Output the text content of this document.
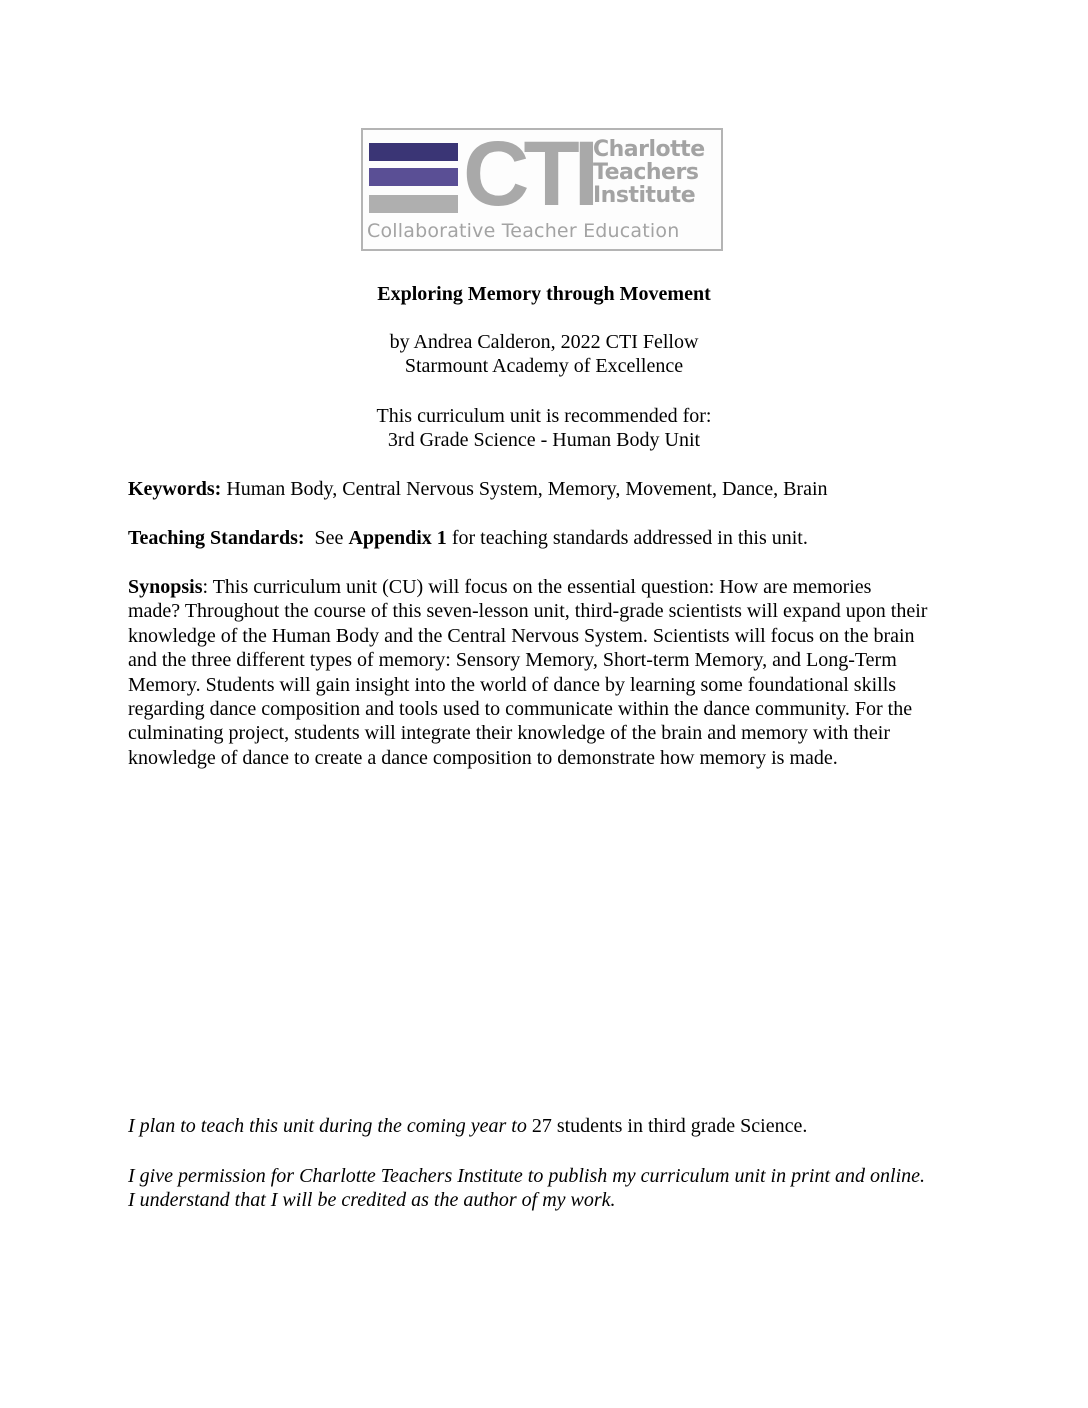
CTI Charlotte
Teachers
Institute
Collaborative Teacher Education
Exploring Memory through Movement
by Andrea Calderon, 2022 CTI Fellow
Starmount Academy of Excellence
This curriculum unit is recommended for:
3rd Grade Science - Human Body Unit
Keywords: Human Body, Central Nervous System, Memory, Movement, Dance, Brain
Teaching Standards:  See Appendix 1 for teaching standards addressed in this unit.
Synopsis: This curriculum unit (CU) will focus on the essential question: How are memories made? Throughout the course of this seven-lesson unit, third-grade scientists will expand upon their knowledge of the Human Body and the Central Nervous System. Scientists will focus on the brain and the three different types of memory: Sensory Memory, Short-term Memory, and Long-Term Memory. Students will gain insight into the world of dance by learning some foundational skills regarding dance composition and tools used to communicate within the dance community. For the culminating project, students will integrate their knowledge of the brain and memory with their knowledge of dance to create a dance composition to demonstrate how memory is made.
I plan to teach this unit during the coming year to 27 students in third grade Science.
I give permission for Charlotte Teachers Institute to publish my curriculum unit in print and online. I understand that I will be credited as the author of my work.
